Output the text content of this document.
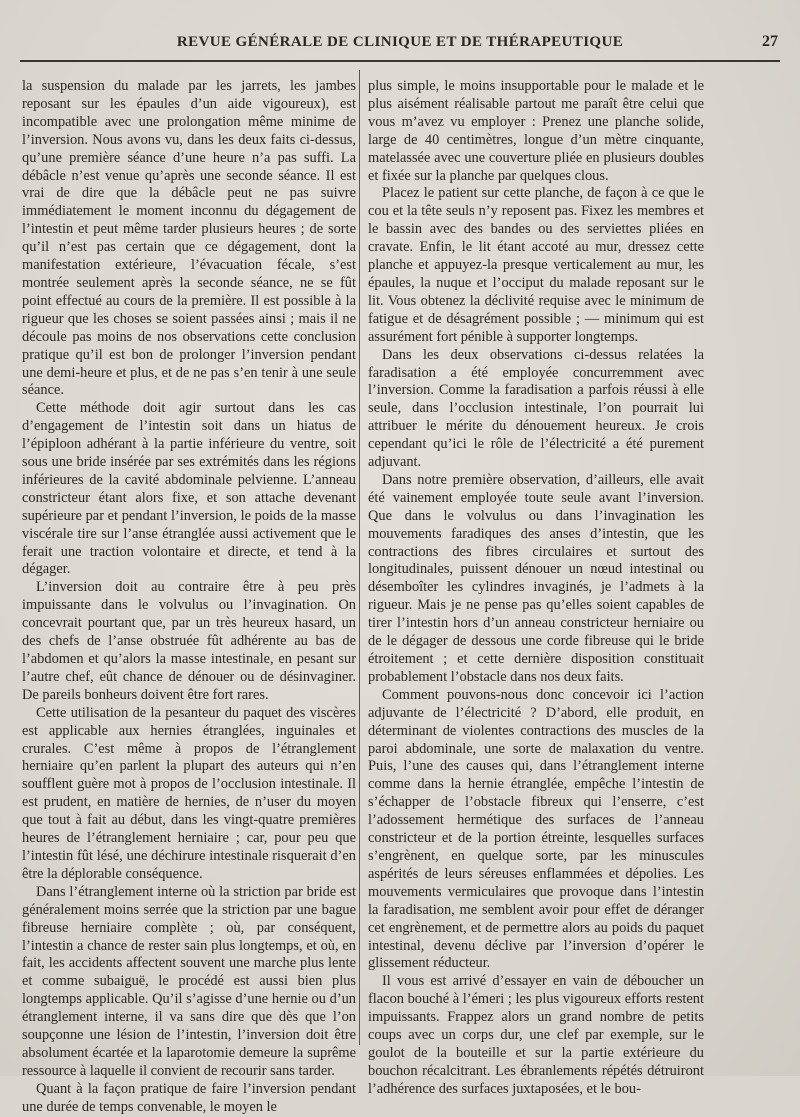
REVUE GÉNÉRALE DE CLINIQUE ET DE THÉRAPEUTIQUE	27

la suspension du malade par les jarrets, les jambes reposant sur les épaules d’un aide vigoureux), est incompatible avec une prolongation même minime de l’inversion. Nous avons vu, dans les deux faits ci-dessus, qu’une première séance d’une heure n’a pas suffi. La débâcle n’est venue qu’après une seconde séance. Il est vrai de dire que la débâcle peut ne pas suivre immédiatement le moment inconnu du dégagement de l’intestin et peut même tarder plusieurs heures ; de sorte qu’il n’est pas certain que ce dégagement, dont la manifestation extérieure, l’évacuation fécale, s’est montrée seulement après la seconde séance, ne se fût point effectué au cours de la première. Il est possible à la rigueur que les choses se soient passées ainsi ; mais il ne découle pas moins de nos observations cette conclusion pratique qu’il est bon de prolonger l’inversion pendant une demi-heure et plus, et de ne pas s’en tenir à une seule séance.

Cette méthode doit agir surtout dans les cas d’engagement de l’intestin soit dans un hiatus de l’épiploon adhérant à la partie inférieure du ventre, soit sous une bride insérée par ses extrémités dans les régions inférieures de la cavité abdominale pelvienne. L’anneau constricteur étant alors fixe, et son attache devenant supérieure par et pendant l’inversion, le poids de la masse viscérale tire sur l’anse étranglée aussi activement que le ferait une traction volontaire et directe, et tend à la dégager.

L’inversion doit au contraire être à peu près impuissante dans le volvulus ou l’invagination. On concevrait pourtant que, par un très heureux hasard, un des chefs de l’anse obstruée fût adhérente au bas de l’abdomen et qu’alors la masse intestinale, en pesant sur l’autre chef, eût chance de dénouer ou de désinvaginer. De pareils bonheurs doivent être fort rares.

Cette utilisation de la pesanteur du paquet des viscères est applicable aux hernies étranglées, inguinales et crurales. C’est même à propos de l’étranglement herniaire qu’en parlent la plupart des auteurs qui n’en soufflent guère mot à propos de l’occlusion intestinale. Il est prudent, en matière de hernies, de n’user du moyen que tout à fait au début, dans les vingt-quatre premières heures de l’étranglement herniaire ; car, pour peu que l’intestin fût lésé, une déchirure intestinale risquerait d’en être la déplorable conséquence.

Dans l’étranglement interne où la striction par bride est généralement moins serrée que la striction par une bague fibreuse herniaire complète ; où, par conséquent, l’intestin a chance de rester sain plus longtemps, et où, en fait, les accidents affectent souvent une marche plus lente et comme subaiguë, le procédé est aussi bien plus longtemps applicable. Qu’il s’agisse d’une hernie ou d’un étranglement interne, il va sans dire que dès que l’on soupçonne une lésion de l’intestin, l’inversion doit être absolument écartée et la laparotomie demeure la suprême ressource à laquelle il convient de recourir sans tarder.

Quant à la façon pratique de faire l’inversion pendant une durée de temps convenable, le moyen le

plus simple, le moins insupportable pour le malade et le plus aisément réalisable partout me paraît être celui que vous m’avez vu employer : Prenez une planche solide, large de 40 centimètres, longue d’un mètre cinquante, matelassée avec une couverture pliée en plusieurs doubles et fixée sur la planche par quelques clous.

Placez le patient sur cette planche, de façon à ce que le cou et la tête seuls n’y reposent pas. Fixez les membres et le bassin avec des bandes ou des serviettes pliées en cravate. Enfin, le lit étant accoté au mur, dressez cette planche et appuyez-la presque verticalement au mur, les épaules, la nuque et l’occiput du malade reposant sur le lit. Vous obtenez la déclivité requise avec le minimum de fatigue et de désagrément possible ; — minimum qui est assurément fort pénible à supporter longtemps.

Dans les deux observations ci-dessus relatées la faradisation a été employée concurremment avec l’inversion. Comme la faradisation a parfois réussi à elle seule, dans l’occlusion intestinale, l’on pourrait lui attribuer le mérite du dénouement heureux. Je crois cependant qu’ici le rôle de l’électricité a été purement adjuvant.

Dans notre première observation, d’ailleurs, elle avait été vainement employée toute seule avant l’inversion. Que dans le volvulus ou dans l’invagination les mouvements faradiques des anses d’intestin, que les contractions des fibres circulaires et surtout des longitudinales, puissent dénouer un nœud intestinal ou désemboîter les cylindres invaginés, je l’admets à la rigueur. Mais je ne pense pas qu’elles soient capables de tirer l’intestin hors d’un anneau constricteur herniaire ou de le dégager de dessous une corde fibreuse qui le bride étroitement ; et cette dernière disposition constituait probablement l’obstacle dans nos deux faits.

Comment pouvons-nous donc concevoir ici l’action adjuvante de l’électricité ? D’abord, elle produit, en déterminant de violentes contractions des muscles de la paroi abdominale, une sorte de malaxation du ventre. Puis, l’une des causes qui, dans l’étranglement interne comme dans la hernie étranglée, empêche l’intestin de s’échapper de l’obstacle fibreux qui l’enserre, c’est l’adossement hermétique des surfaces de l’anneau constricteur et de la portion étreinte, lesquelles surfaces s’engrènent, en quelque sorte, par les minuscules aspérités de leurs séreuses enflammées et dépolies. Les mouvements vermiculaires que provoque dans l’intestin la faradisation, me semblent avoir pour effet de déranger cet engrènement, et de permettre alors au poids du paquet intestinal, devenu déclive par l’inversion d’opérer le glissement réducteur.

Il vous est arrivé d’essayer en vain de déboucher un flacon bouché à l’émeri ; les plus vigoureux efforts restent impuissants. Frappez alors un grand nombre de petits coups avec un corps dur, une clef par exemple, sur le goulot de la bouteille et sur la partie extérieure du bouchon récalcitrant. Les ébranlements répétés détruiront l’adhérence des surfaces juxtaposées, et le bou-
